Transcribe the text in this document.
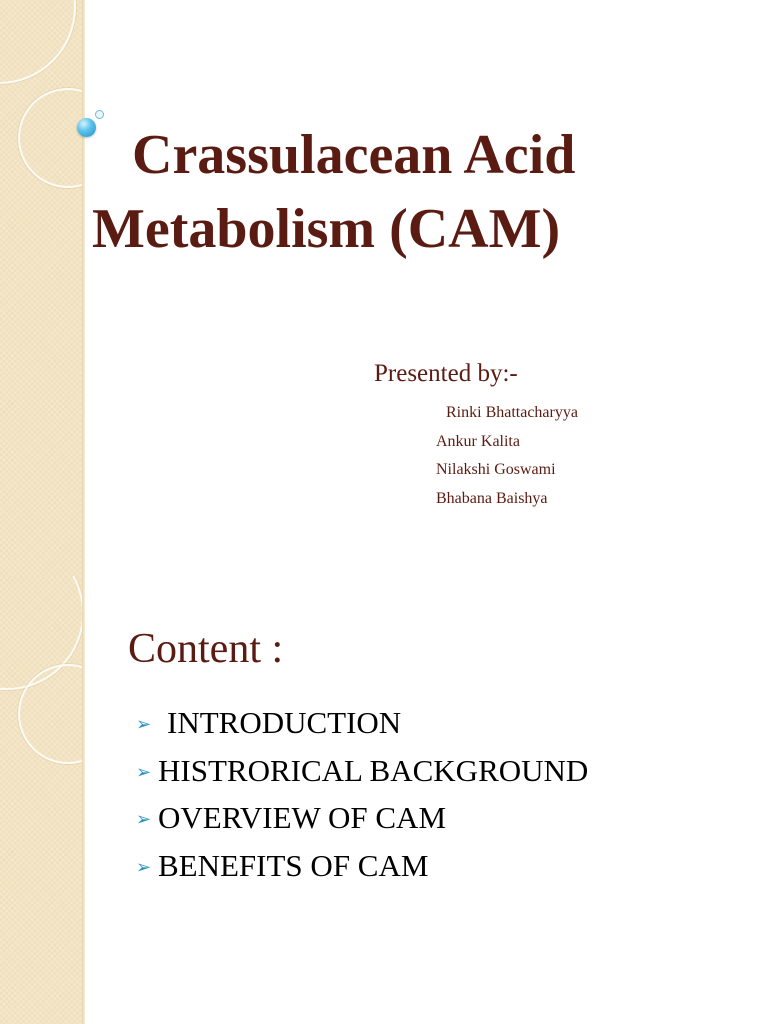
Crassulacean Acid
Metabolism (CAM)

Presented by:-

Rinki Bhattacharyya
Ankur Kalita
Nilakshi Goswami
Bhabana Baishya
Content :
➢ INTRODUCTION
➢ HISTRORICAL BACKGROUND
➢ OVERVIEW OF CAM
➢ BENEFITS OF CAM
